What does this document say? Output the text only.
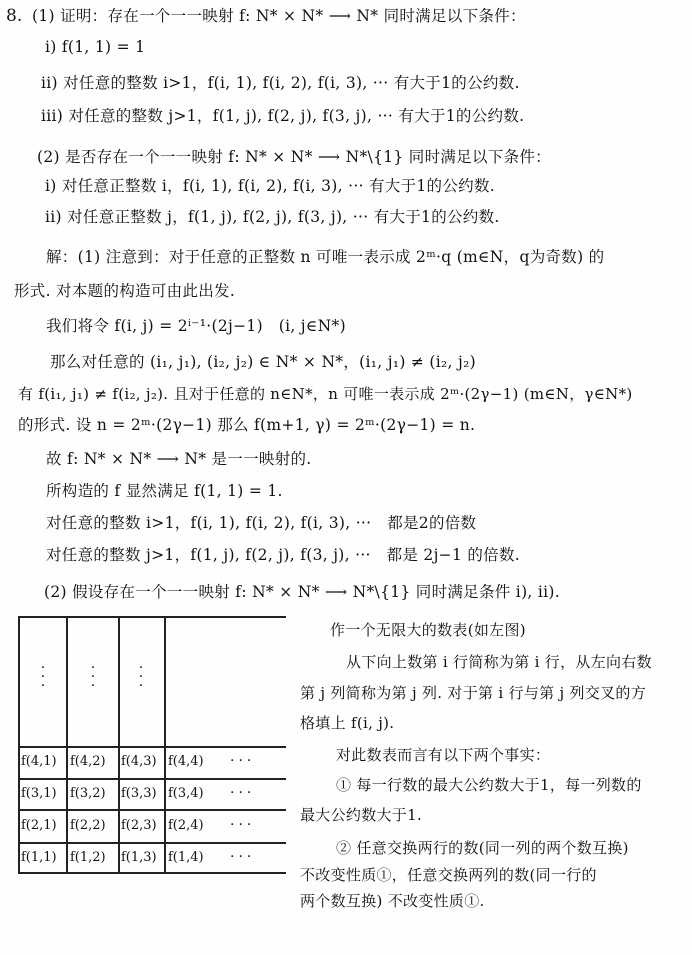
8. (1) 证明：存在一个一一映射 f: N* × N* ⟶ N* 同时满足以下条件：
i) f(1, 1) = 1
ii) 对任意的整数 i>1，f(i, 1), f(i, 2), f(i, 3), ··· 有大于1的公约数.
iii) 对任意的整数 j>1，f(1, j), f(2, j), f(3, j), ··· 有大于1的公约数.
(2) 是否存在一个一一映射 f: N* × N* ⟶ N*\{1} 同时满足以下条件：
i) 对任意正整数 i，f(i, 1), f(i, 2), f(i, 3), ··· 有大于1的公约数.
ii) 对任意正整数 j，f(1, j), f(2, j), f(3, j), ··· 有大于1的公约数.
解：(1) 注意到：对于任意的正整数 n 可唯一表示成 2ᵐ·q (m∈N，q为奇数) 的
形式. 对本题的构造可由此出发.
我们将令 f(i, j) = 2ⁱ⁻¹·(2j−1)　(i, j∈N*)
那么对任意的 (i₁, j₁), (i₂, j₂) ∈ N* × N*，(i₁, j₁) ≠ (i₂, j₂)
有 f(i₁, j₁) ≠ f(i₂, j₂). 且对于任意的 n∈N*，n 可唯一表示成 2ᵐ·(2γ−1) (m∈N，γ∈N*)
的形式. 设 n = 2ᵐ·(2γ−1) 那么 f(m+1, γ) = 2ᵐ·(2γ−1) = n.
故 f: N* × N* ⟶ N* 是一一映射的.
所构造的 f 显然满足 f(1, 1) = 1.
对任意的整数 i>1，f(i, 1), f(i, 2), f(i, 3), ···　都是2的倍数
对任意的整数 j>1，f(1, j), f(2, j), f(3, j), ···　都是 2j−1 的倍数.
(2) 假设存在一个一一映射 f: N* × N* ⟶ N*\{1} 同时满足条件 i), ii).
·
·
·
·
·
·
·
·
·
f(4,1) f(4,2) f(4,3) f(4,4) ···
f(3,1) f(3,2) f(3,3) f(3,4) ···
f(2,1) f(2,2) f(2,3) f(2,4) ···
f(1,1) f(1,2) f(1,3) f(1,4) ···
作一个无限大的数表(如左图)
从下向上数第 i 行简称为第 i 行，从左向右数
第 j 列简称为第 j 列. 对于第 i 行与第 j 列交叉的方
格填上 f(i, j).
对此数表而言有以下两个事实：
① 每一行数的最大公约数大于1，每一列数的
最大公约数大于1.
② 任意交换两行的数(同一列的两个数互换)
不改变性质①，任意交换两列的数(同一行的
两个数互换) 不改变性质①.
